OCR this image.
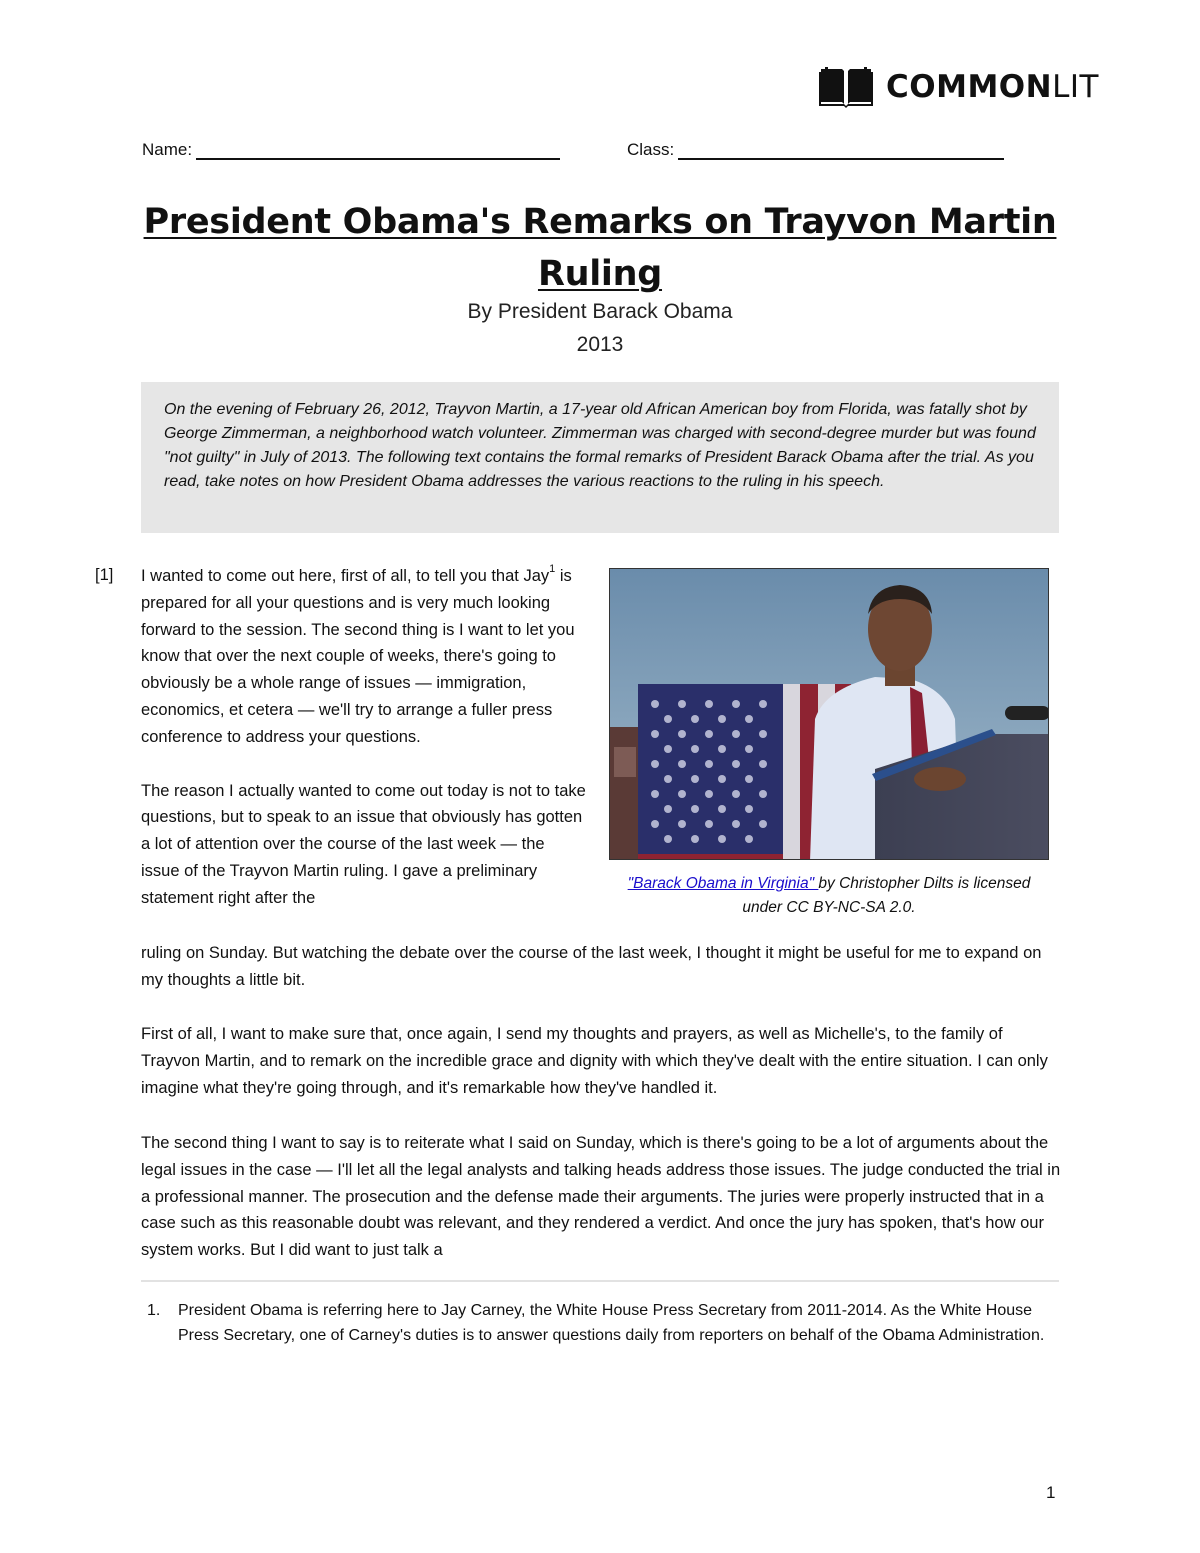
COMMONLIT
Name:	Class:
President Obama's Remarks on Trayvon Martin Ruling
By President Barack Obama
2013
On the evening of February 26, 2012, Trayvon Martin, a 17-year old African American boy from Florida, was fatally shot by George Zimmerman, a neighborhood watch volunteer. Zimmerman was charged with second-degree murder but was found "not guilty" in July of 2013. The following text contains the formal remarks of President Barack Obama after the trial. As you read, take notes on how President Obama addresses the various reactions to the ruling in his speech.
[1] I wanted to come out here, first of all, to tell you that Jay$^1$ is prepared for all your questions and is very much looking forward to the session. The second thing is I want to let you know that over the next couple of weeks, there's going to obviously be a whole range of issues — immigration, economics, et cetera — we'll try to arrange a fuller press conference to address your questions.

The reason I actually wanted to come out today is not to take questions, but to speak to an issue that obviously has gotten a lot of attention over the course of the last week — the issue of the Trayvon Martin ruling. I gave a preliminary statement right after the

"Barack Obama in Virginia" by Christopher Dilts is licensed under CC BY-NC-SA 2.0.

ruling on Sunday. But watching the debate over the course of the last week, I thought it might be useful for me to expand on my thoughts a little bit.

First of all, I want to make sure that, once again, I send my thoughts and prayers, as well as Michelle's, to the family of Trayvon Martin, and to remark on the incredible grace and dignity with which they've dealt with the entire situation. I can only imagine what they're going through, and it's remarkable how they've handled it.

The second thing I want to say is to reiterate what I said on Sunday, which is there's going to be a lot of arguments about the legal issues in the case — I'll let all the legal analysts and talking heads address those issues. The judge conducted the trial in a professional manner. The prosecution and the defense made their arguments. The juries were properly instructed that in a case such as this reasonable doubt was relevant, and they rendered a verdict. And once the jury has spoken, that's how our system works. But I did want to just talk a

1.	President Obama is referring here to Jay Carney, the White House Press Secretary from 2011-2014. As the White House Press Secretary, one of Carney's duties is to answer questions daily from reporters on behalf of the Obama Administration.
1
